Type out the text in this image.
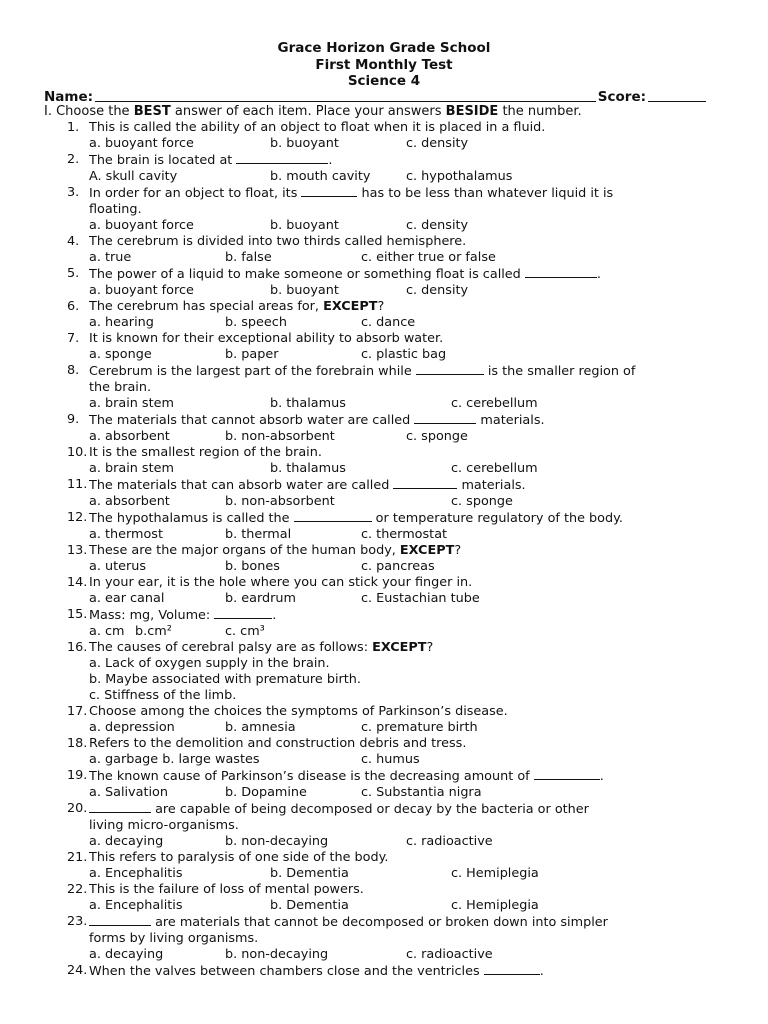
Grace Horizon Grade School
First Monthly Test
Science 4
Name:	Score:
I. Choose the BEST answer of each item. Place your answers BESIDE the number.
1. This is called the ability of an object to float when it is placed in a fluid.
a. buoyant force	b. buoyant	c. density
2. The brain is located at	.
A. skull cavity	b. mouth cavity	c. hypothalamus
3. In order for an object to float, its	has to be less than whatever liquid it is
floating.
a. buoyant force	b. buoyant	c. density
4. The cerebrum is divided into two thirds called hemisphere.
a. true	b. false	c. either true or false
5. The power of a liquid to make someone or something float is called	.
a. buoyant force	b. buoyant	c. density
6. The cerebrum has special areas for, EXCEPT?
a. hearing	b. speech	c. dance
7. It is known for their exceptional ability to absorb water.
a. sponge	b. paper	c. plastic bag
8. Cerebrum is the largest part of the forebrain while	is the smaller region of
the brain.
a. brain stem	b. thalamus	c. cerebellum
9. The materials that cannot absorb water are called	materials.
a. absorbent	b. non-absorbent	c. sponge
10. It is the smallest region of the brain.
a. brain stem	b. thalamus	c. cerebellum
11. The materials that can absorb water are called	materials.
a. absorbent	b. non-absorbent	c. sponge
12. The hypothalamus is called the	or temperature regulatory of the body.
a. thermost	b. thermal	c. thermostat
13. These are the major organs of the human body, EXCEPT?
a. uterus	b. bones	c. pancreas
14. In your ear, it is the hole where you can stick your finger in.
a. ear canal	b. eardrum	c. Eustachian tube
15. Mass: mg, Volume:	.
a. cm b.cm²	c. cm³
16. The causes of cerebral palsy are as follows: EXCEPT?
a. Lack of oxygen supply in the brain.
b. Maybe associated with premature birth.
c. Stiffness of the limb.
17. Choose among the choices the symptoms of Parkinson’s disease.
a. depression	b. amnesia	c. premature birth
18. Refers to the demolition and construction debris and tress.
a. garbage b. large wastes	c. humus
19. The known cause of Parkinson’s disease is the decreasing amount of	.
a. Salivation	b. Dopamine	c. Substantia nigra
20.	are capable of being decomposed or decay by the bacteria or other
living micro-organisms.
a. decaying	b. non-decaying	c. radioactive
21. This refers to paralysis of one side of the body.
a. Encephalitis	b. Dementia	c. Hemiplegia
22. This is the failure of loss of mental powers.
a. Encephalitis	b. Dementia	c. Hemiplegia
23.	are materials that cannot be decomposed or broken down into simpler
forms by living organisms.
a. decaying	b. non-decaying	c. radioactive
24. When the valves between chambers close and the ventricles	.
